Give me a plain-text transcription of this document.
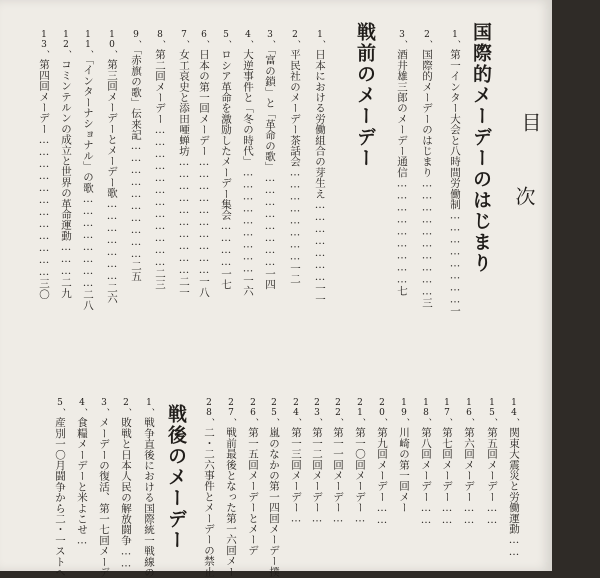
目
次
国際的メーデーのはじまり
戦前のメーデー
戦後のメーデー
1、第一インター大会と八時間労働制……………………一
2、国際的メーデーのはじまり…………………………三
3、酒井雄三郎のメーデー通信………………………七
1、日本における労働組合の芽生え…………………一一
2、平民社のメーデー茶話会……………………一二
3、「富の鎖」と「革命の歌」……………………一四
4、大逆事件と「冬の時代」………………………一六
5、ロシア革命を激励したメーデー集会…………一七
6、日本の第一回メーデー…………………………一八
7、女工哀史と添田唖蝉坊…………………………二一
8、第二回メーデー………………………………二三
9、「赤旗の歌」伝来記…………………………二五
10、第三回メーデーとメーデー歌…………………二六
11、「インターナショナル」の歌……………………二八
12、コミンテルンの成立と世界の革命運動………二九
13、第四回メーデー………………………………三〇
14、関東大震災と労働運動……
15、第五回メーデー……
16、第六回メーデー……
17、第七回メーデー……
18、第八回メーデー……
19、川崎の第一回メー
20、第九回メーデー……
21、第一〇回メーデー…
22、第一一回メーデー…
23、第一二回メーデー…
24、第一三回メーデー…
25、嵐のなかの第一四回メーデー撲
26、第一五回メーデーとメーデ
27、戦前最後となった第一六回メー
28、二・二六事件とメーデーの禁止
1、戦争直後における国際統一戦線の
2、敗戦と日本人民の解放闘争……
3、メーデーの復活、第一七回メーデ
4、食糧メーデーと米よこせ…
5、産別一〇月闘争から二・一ストへ
